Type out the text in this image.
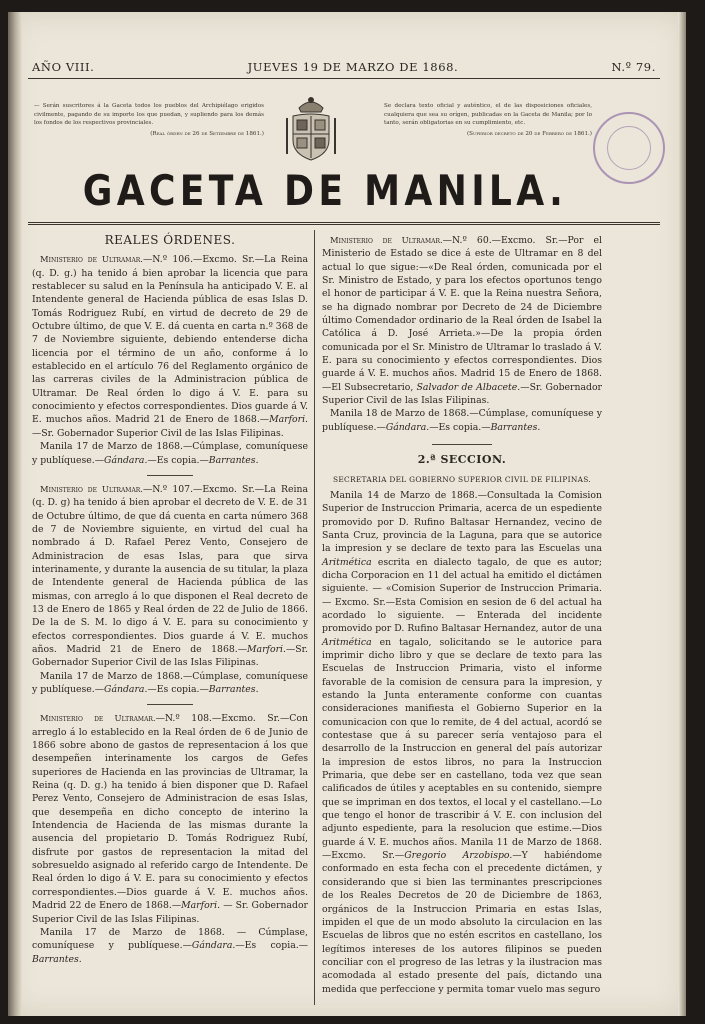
AÑO VIII.	JUEVES 19 DE MARZO DE 1868.	N.º 79.
— Serán suscritores á la Gaceta todos los pueblos del Archipiélago erigidos civilmente, pagando de su importe los que puedan, y supliendo para los demás los fondos de los respectivos provinciales.
(Real órden de 26 de Setiembre de 1861.)
Se declara texto oficial y auténtico, el de las disposiciones oficiales, cualquiera que sea su orígen, publicadas en la Gaceta de Manila; por lo tanto, serán obligatorias en su cumplimiento, etc.
(Superior decreto de 20 de Febrero de 1861.)
GACETA DE MANILA.
REALES ÓRDENES.

Ministerio de Ultramar.—N.º 106.—Excmo. Sr.—La Reina (q. D. g.) ha tenido á bien aprobar la licencia que para restablecer su salud en la Península ha anticipado V. E. al Intendente general de Hacienda pública de esas Islas D. Tomás Rodriguez Rubí, en virtud de decreto de 29 de Octubre último, de que V. E. dá cuenta en carta n.º 368 de 7 de Noviembre siguiente, debiendo entenderse dicha licencia por el término de un año, conforme á lo establecido en el artículo 76 del Reglamento orgánico de las carreras civiles de la Administracion pública de Ultramar. De Real órden lo digo á V. E. para su conocimiento y efectos correspondientes. Dios guarde á V. E. muchos años. Madrid 21 de Enero de 1868.—Marfori.—Sr. Gobernador Superior Civil de las Islas Filipinas.

Manila 17 de Marzo de 1868.—Cúmplase, comuníquese y publíquese.—Gándara.—Es copia.—Barrantes.

Ministerio de Ultramar.—N.º 107.—Excmo. Sr.—La Reina (q. D. g) ha tenido á bien aprobar el decreto de V. E. de 31 de Octubre último, de que dá cuenta en carta número 368 de 7 de Noviembre siguiente, en virtud del cual ha nombrado á D. Rafael Perez Vento, Consejero de Administracion de esas Islas, para que sirva interinamente, y durante la ausencia de su titular, la plaza de Intendente general de Hacienda pública de las mismas, con arreglo á lo que disponen el Real decreto de 13 de Enero de 1865 y Real órden de 22 de Julio de 1866. De la de S. M. lo digo á V. E. para su conocimiento y efectos correspondientes. Dios guarde á V. E. muchos años. Madrid 21 de Enero de 1868.—Marfori.—Sr. Gobernador Superior Civil de las Islas Filipinas.

Manila 17 de Marzo de 1868.—Cúmplase, comuníquese y publíquese.—Gándara.—Es copia.—Barrantes.

Ministerio de Ultramar.—N.º 108.—Excmo. Sr.—Con arreglo á lo establecido en la Real órden de 6 de Junio de 1866 sobre abono de gastos de representacion á los que desempeñen interinamente los cargos de Gefes superiores de Hacienda en las provincias de Ultramar, la Reina (q. D. g.) ha tenido á bien disponer que D. Rafael Perez Vento, Consejero de Administracion de esas Islas, que desempeña en dicho concepto de interino la Intendencia de Hacienda de las mismas durante la ausencia del propietario D. Tomás Rodriguez Rubí, disfrute por gastos de representacion la mitad del sobresueldo asignado al referido cargo de Intendente. De Real órden lo digo á V. E. para su conocimiento y efectos correspondientes.—Dios guarde á V. E. muchos años. Madrid 22 de Enero de 1868.—Marfori. — Sr. Gobernador Superior Civil de las Islas Filipinas.

Manila 17 de Marzo de 1868. — Cúmplase, comuníquese y publíquese.—Gándara.—Es copia.—Barrantes.

Ministerio de Ultramar.—N.º 60.—Excmo. Sr.—Por el Ministerio de Estado se dice á este de Ultramar en 8 del actual lo que sigue:—«De Real órden, comunicada por el Sr. Ministro de Estado, y para los efectos oportunos tengo el honor de participar á V. E. que la Reina nuestra Señora, se ha dignado nombrar por Decreto de 24 de Diciembre último Comendador ordinario de la Real órden de Isabel la Católica á D. José Arrieta.»—De la propia órden comunicada por el Sr. Ministro de Ultramar lo traslado á V. E. para su conocimiento y efectos correspondientes. Dios guarde á V. E. muchos años. Madrid 15 de Enero de 1868.—El Subsecretario, Salvador de Albacete.—Sr. Gobernador Superior Civil de las Islas Filipinas.

Manila 18 de Marzo de 1868.—Cúmplase, comuníquese y publíquese.—Gándara.—Es copia.—Barrantes.

2.ª SECCION.
SECRETARIA DEL GOBIERNO SUPERIOR CIVIL DE FILIPINAS.

Manila 14 de Marzo de 1868.—Consultada la Comision Superior de Instruccion Primaria, acerca de un espediente promovido por D. Rufino Baltasar Hernandez, vecino de Santa Cruz, provincia de la Laguna, para que se autorice la impresion y se declare de texto para las Escuelas una Aritmética escrita en dialecto tagalo, de que es autor; dicha Corporacion en 11 del actual ha emitido el dictámen siguiente. — «Comision Superior de Instruccion Primaria.— Excmo. Sr.—Esta Comision en sesion de 6 del actual ha acordado lo siguiente. — Enterada del incidente promovido por D. Rufino Baltasar Hernandez, autor de una Aritmética en tagalo, solicitando se le autorice para imprimir dicho libro y que se declare de texto para las Escuelas de Instruccion Primaria, visto el informe favorable de la comision de censura para la impresion, y estando la Junta enteramente conforme con cuantas consideraciones manifiesta el Gobierno Superior en la comunicacion con que lo remite, de 4 del actual, acordó se contestase que á su parecer sería ventajoso para el desarrollo de la Instruccion en general del país autorizar la impresion de estos libros, no para la Instruccion Primaria, que debe ser en castellano, toda vez que sean calificados de útiles y aceptables en su contenido, siempre que se impriman en dos textos, el local y el castellano.—Lo que tengo el honor de trascribir á V. E. con inclusion del adjunto espediente, para la resolucion que estime.—Dios guarde á V. E. muchos años. Manila 11 de Marzo de 1868.—Excmo. Sr.—Gregorio Arzobispo.—Y habiéndome conformado en esta fecha con el precedente dictámen, y considerando que si bien las terminantes prescripciones de los Reales Decretos de 20 de Diciembre de 1863, orgánicos de la Instruccion Primaria en estas Islas, impiden el que de un modo absoluto la circulacion en las Escuelas de libros que no estén escritos en castellano, los legítimos intereses de los autores filipinos se pueden conciliar con el progreso de las letras y la ilustracion mas acomodada al estado presente del país, dictando una medida que perfeccione y permita tomar vuelo mas seguro
